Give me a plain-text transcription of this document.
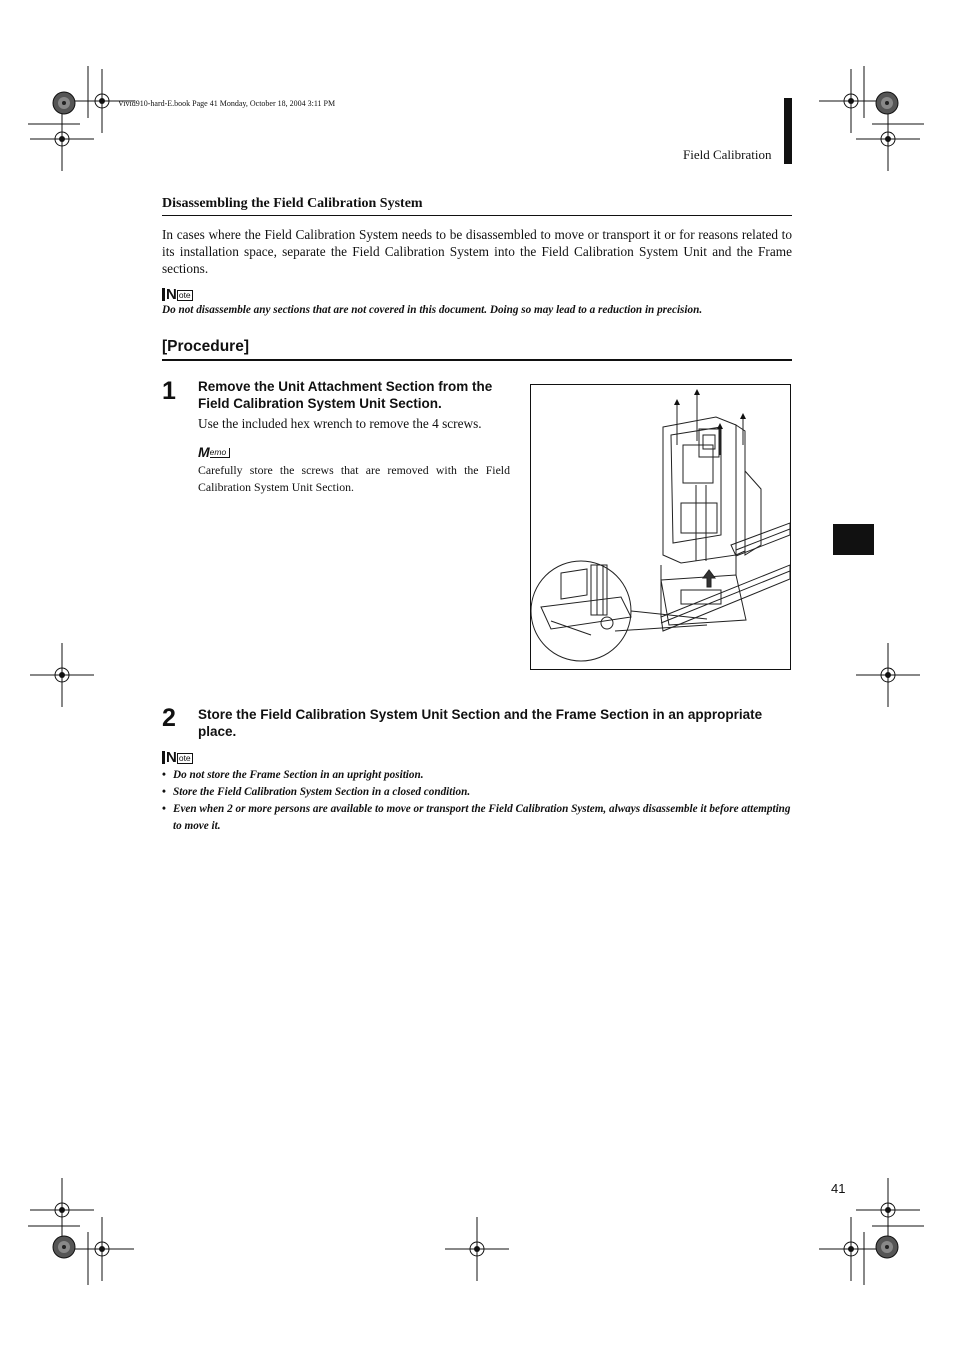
Vivid910-hard-E.book Page 41 Monday, October 18, 2004 3:11 PM
Field Calibration
Disassembling the Field Calibration System
In cases where the Field Calibration System needs to be disassembled to move or transport it or for reasons related to its installation space, separate the Field Calibration System into the Field Calibration System Unit and the Frame sections.
N ote
Do not disassemble any sections that are not covered in this document. Doing so may lead to a reduction in precision.
[Procedure]
1 Remove the Unit Attachment Section from the Field Calibration System Unit Section.
Use the included hex wrench to remove the 4 screws.
M emo
Carefully store the screws that are removed with the Field Calibration System Unit Section.
2 Store the Field Calibration System Unit Section and the Frame Section in an appropriate place.
N ote
• Do not store the Frame Section in an upright position.
• Store the Field Calibration System Section in a closed condition.
• Even when 2 or more persons are available to move or transport the Field Calibration System, always disassemble it before attempting to move it.
41
